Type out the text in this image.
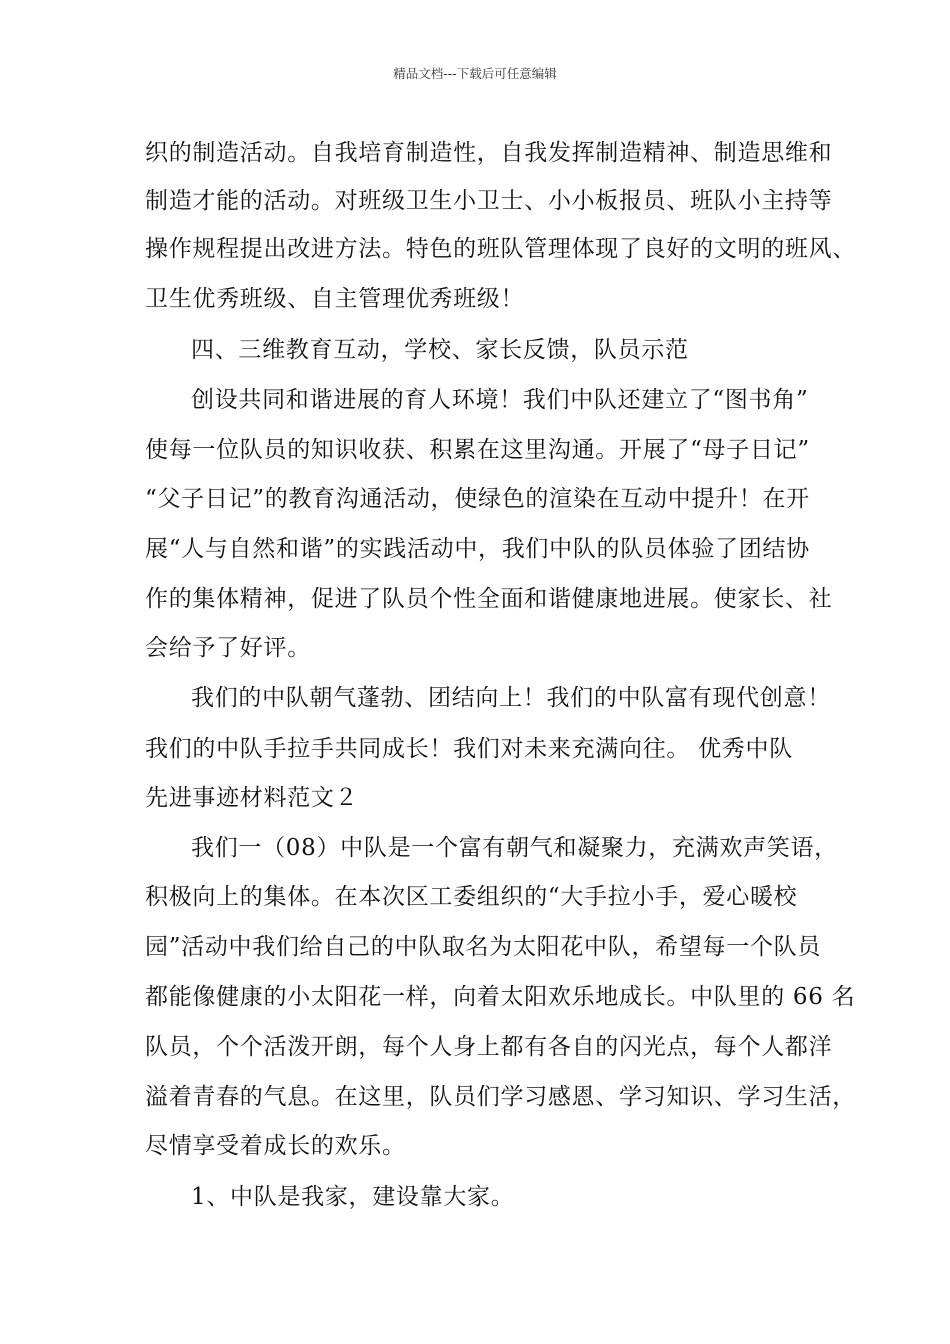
精品文档---下载后可任意编辑
织的制造活动。自我培育制造性，自我发挥制造精神、制造思维和
制造才能的活动。对班级卫生小卫士、小小板报员、班队小主持等
操作规程提出改进方法。特色的班队管理体现了良好的文明的班风、
卫生优秀班级、自主管理优秀班级！
四、三维教育互动，学校、家长反馈，队员示范
创设共同和谐进展的育人环境！我们中队还建立了“图书角”
使每一位队员的知识收获、积累在这里沟通。开展了“母子日记”
“父子日记”的教育沟通活动，使绿色的渲染在互动中提升！在开
展“人与自然和谐”的实践活动中，我们中队的队员体验了团结协
作的集体精神，促进了队员个性全面和谐健康地进展。使家长、社
会给予了好评。
我们的中队朝气蓬勃、团结向上！我们的中队富有现代创意！
我们的中队手拉手共同成长！我们对未来充满向往。 优秀中队
先进事迹材料范文２
我们一（08）中队是一个富有朝气和凝聚力，充满欢声笑语，
积极向上的集体。在本次区工委组织的“大手拉小手，爱心暖校
园”活动中我们给自己的中队取名为太阳花中队，希望每一个队员
都能像健康的小太阳花一样，向着太阳欢乐地成长。中队里的 66 名
队员，个个活泼开朗，每个人身上都有各自的闪光点，每个人都洋
溢着青春的气息。在这里，队员们学习感恩、学习知识、学习生活，
尽情享受着成长的欢乐。
1、中队是我家，建设靠大家。
